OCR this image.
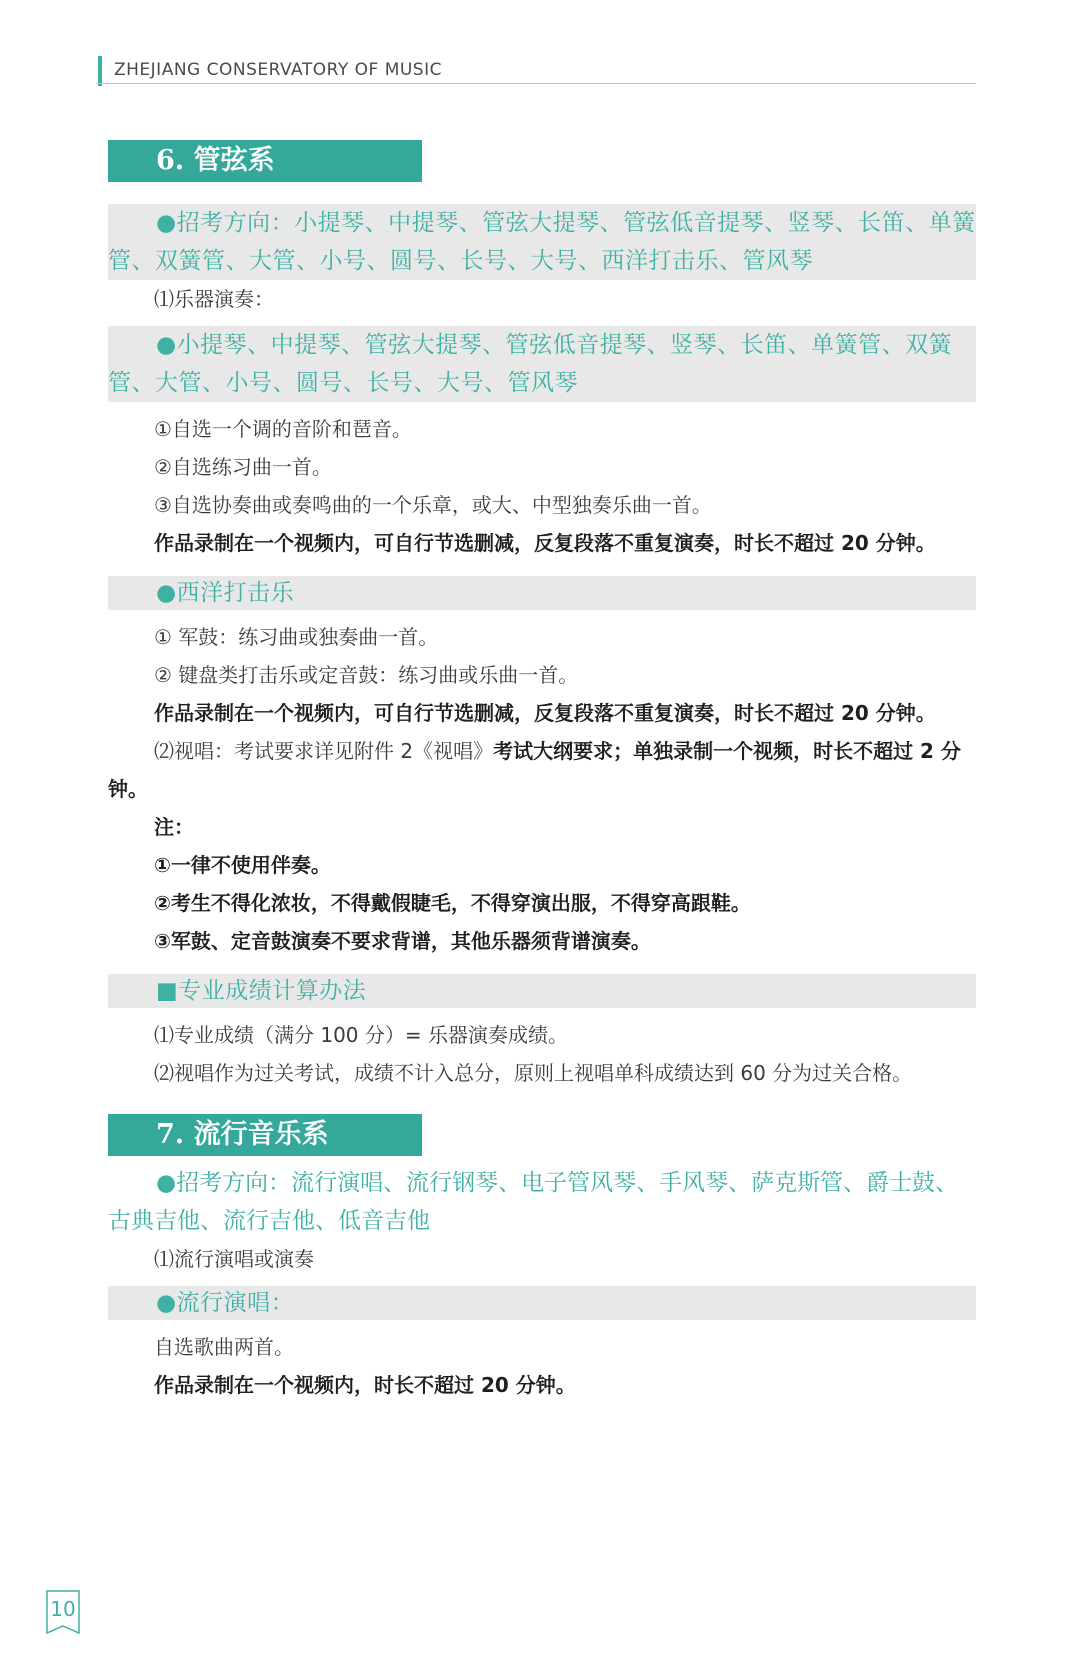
ZHEJIANG CONSERVATORY OF MUSIC
6. 管弦系
●招考方向：小提琴、中提琴、管弦大提琴、管弦低音提琴、竖琴、长笛、单簧管、双簧管、大管、小号、圆号、长号、大号、西洋打击乐、管风琴
⑴乐器演奏：
●小提琴、中提琴、管弦大提琴、管弦低音提琴、竖琴、长笛、单簧管、双簧管、大管、小号、圆号、长号、大号、管风琴
①自选一个调的音阶和琶音。
②自选练习曲一首。
③自选协奏曲或奏鸣曲的一个乐章，或大、中型独奏乐曲一首。
作品录制在一个视频内，可自行节选删减，反复段落不重复演奏，时长不超过 20 分钟。
●西洋打击乐
① 军鼓：练习曲或独奏曲一首。
② 键盘类打击乐或定音鼓：练习曲或乐曲一首。
作品录制在一个视频内，可自行节选删减，反复段落不重复演奏，时长不超过 20 分钟。
⑵视唱：考试要求详见附件 2《视唱》考试大纲要求；单独录制一个视频，时长不超过 2 分钟。
注：
①一律不使用伴奏。
②考生不得化浓妆，不得戴假睫毛，不得穿演出服，不得穿高跟鞋。
③军鼓、定音鼓演奏不要求背谱，其他乐器须背谱演奏。
■专业成绩计算办法
⑴专业成绩（满分 100 分）= 乐器演奏成绩。
⑵视唱作为过关考试，成绩不计入总分，原则上视唱单科成绩达到 60 分为过关合格。
7. 流行音乐系
●招考方向：流行演唱、流行钢琴、电子管风琴、手风琴、萨克斯管、爵士鼓、古典吉他、流行吉他、低音吉他
⑴流行演唱或演奏
●流行演唱：
自选歌曲两首。
作品录制在一个视频内，时长不超过 20 分钟。
10
